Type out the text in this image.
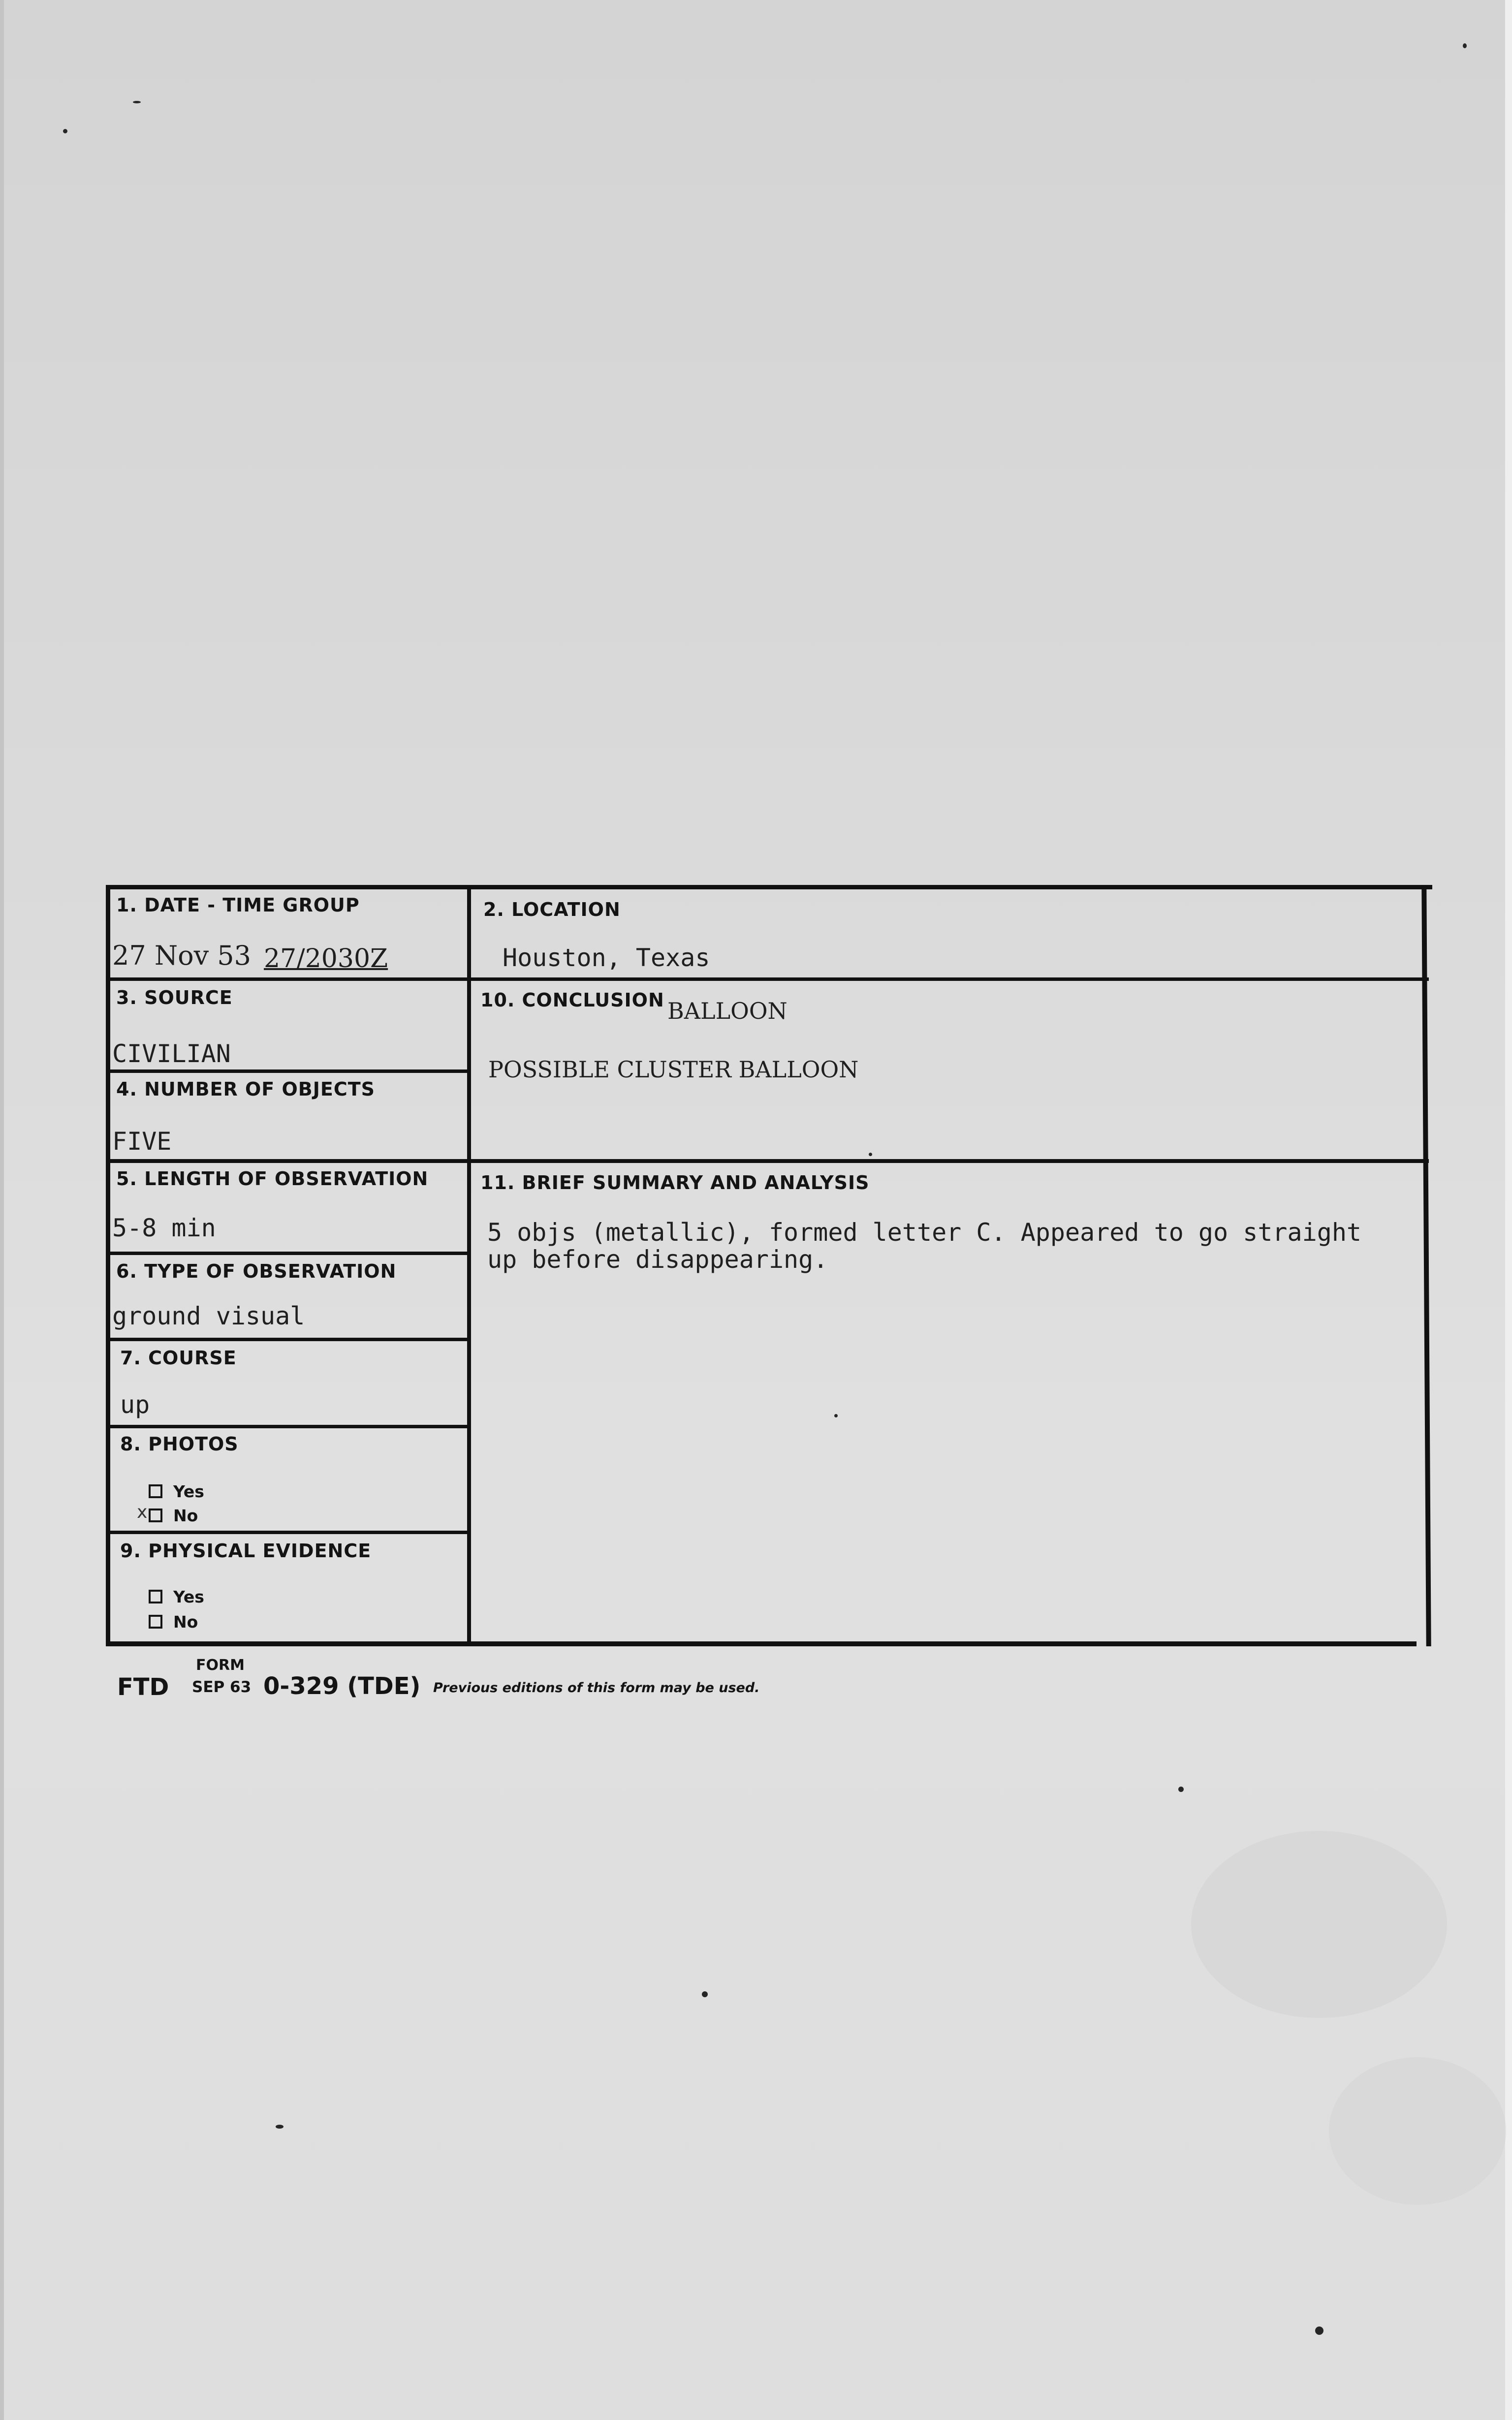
1. DATE - TIME GROUP
27 Nov 53 27/2030Z
2. LOCATION
Houston, Texas
3. SOURCE
CIVILIAN
4. NUMBER OF OBJECTS
FIVE
5. LENGTH OF OBSERVATION
5-8 min
6. TYPE OF OBSERVATION
ground visual
7. COURSE
up
8. PHOTOS
Yes
No
x
9. PHYSICAL EVIDENCE
Yes
No
10. CONCLUSION BALLOON
POSSIBLE CLUSTER BALLOON
11. BRIEF SUMMARY AND ANALYSIS
5 objs (metallic), formed letter C. Appeared to go straight
up before disappearing.
FORM
FTD SEP 63 0-329 (TDE) Previous editions of this form may be used.
